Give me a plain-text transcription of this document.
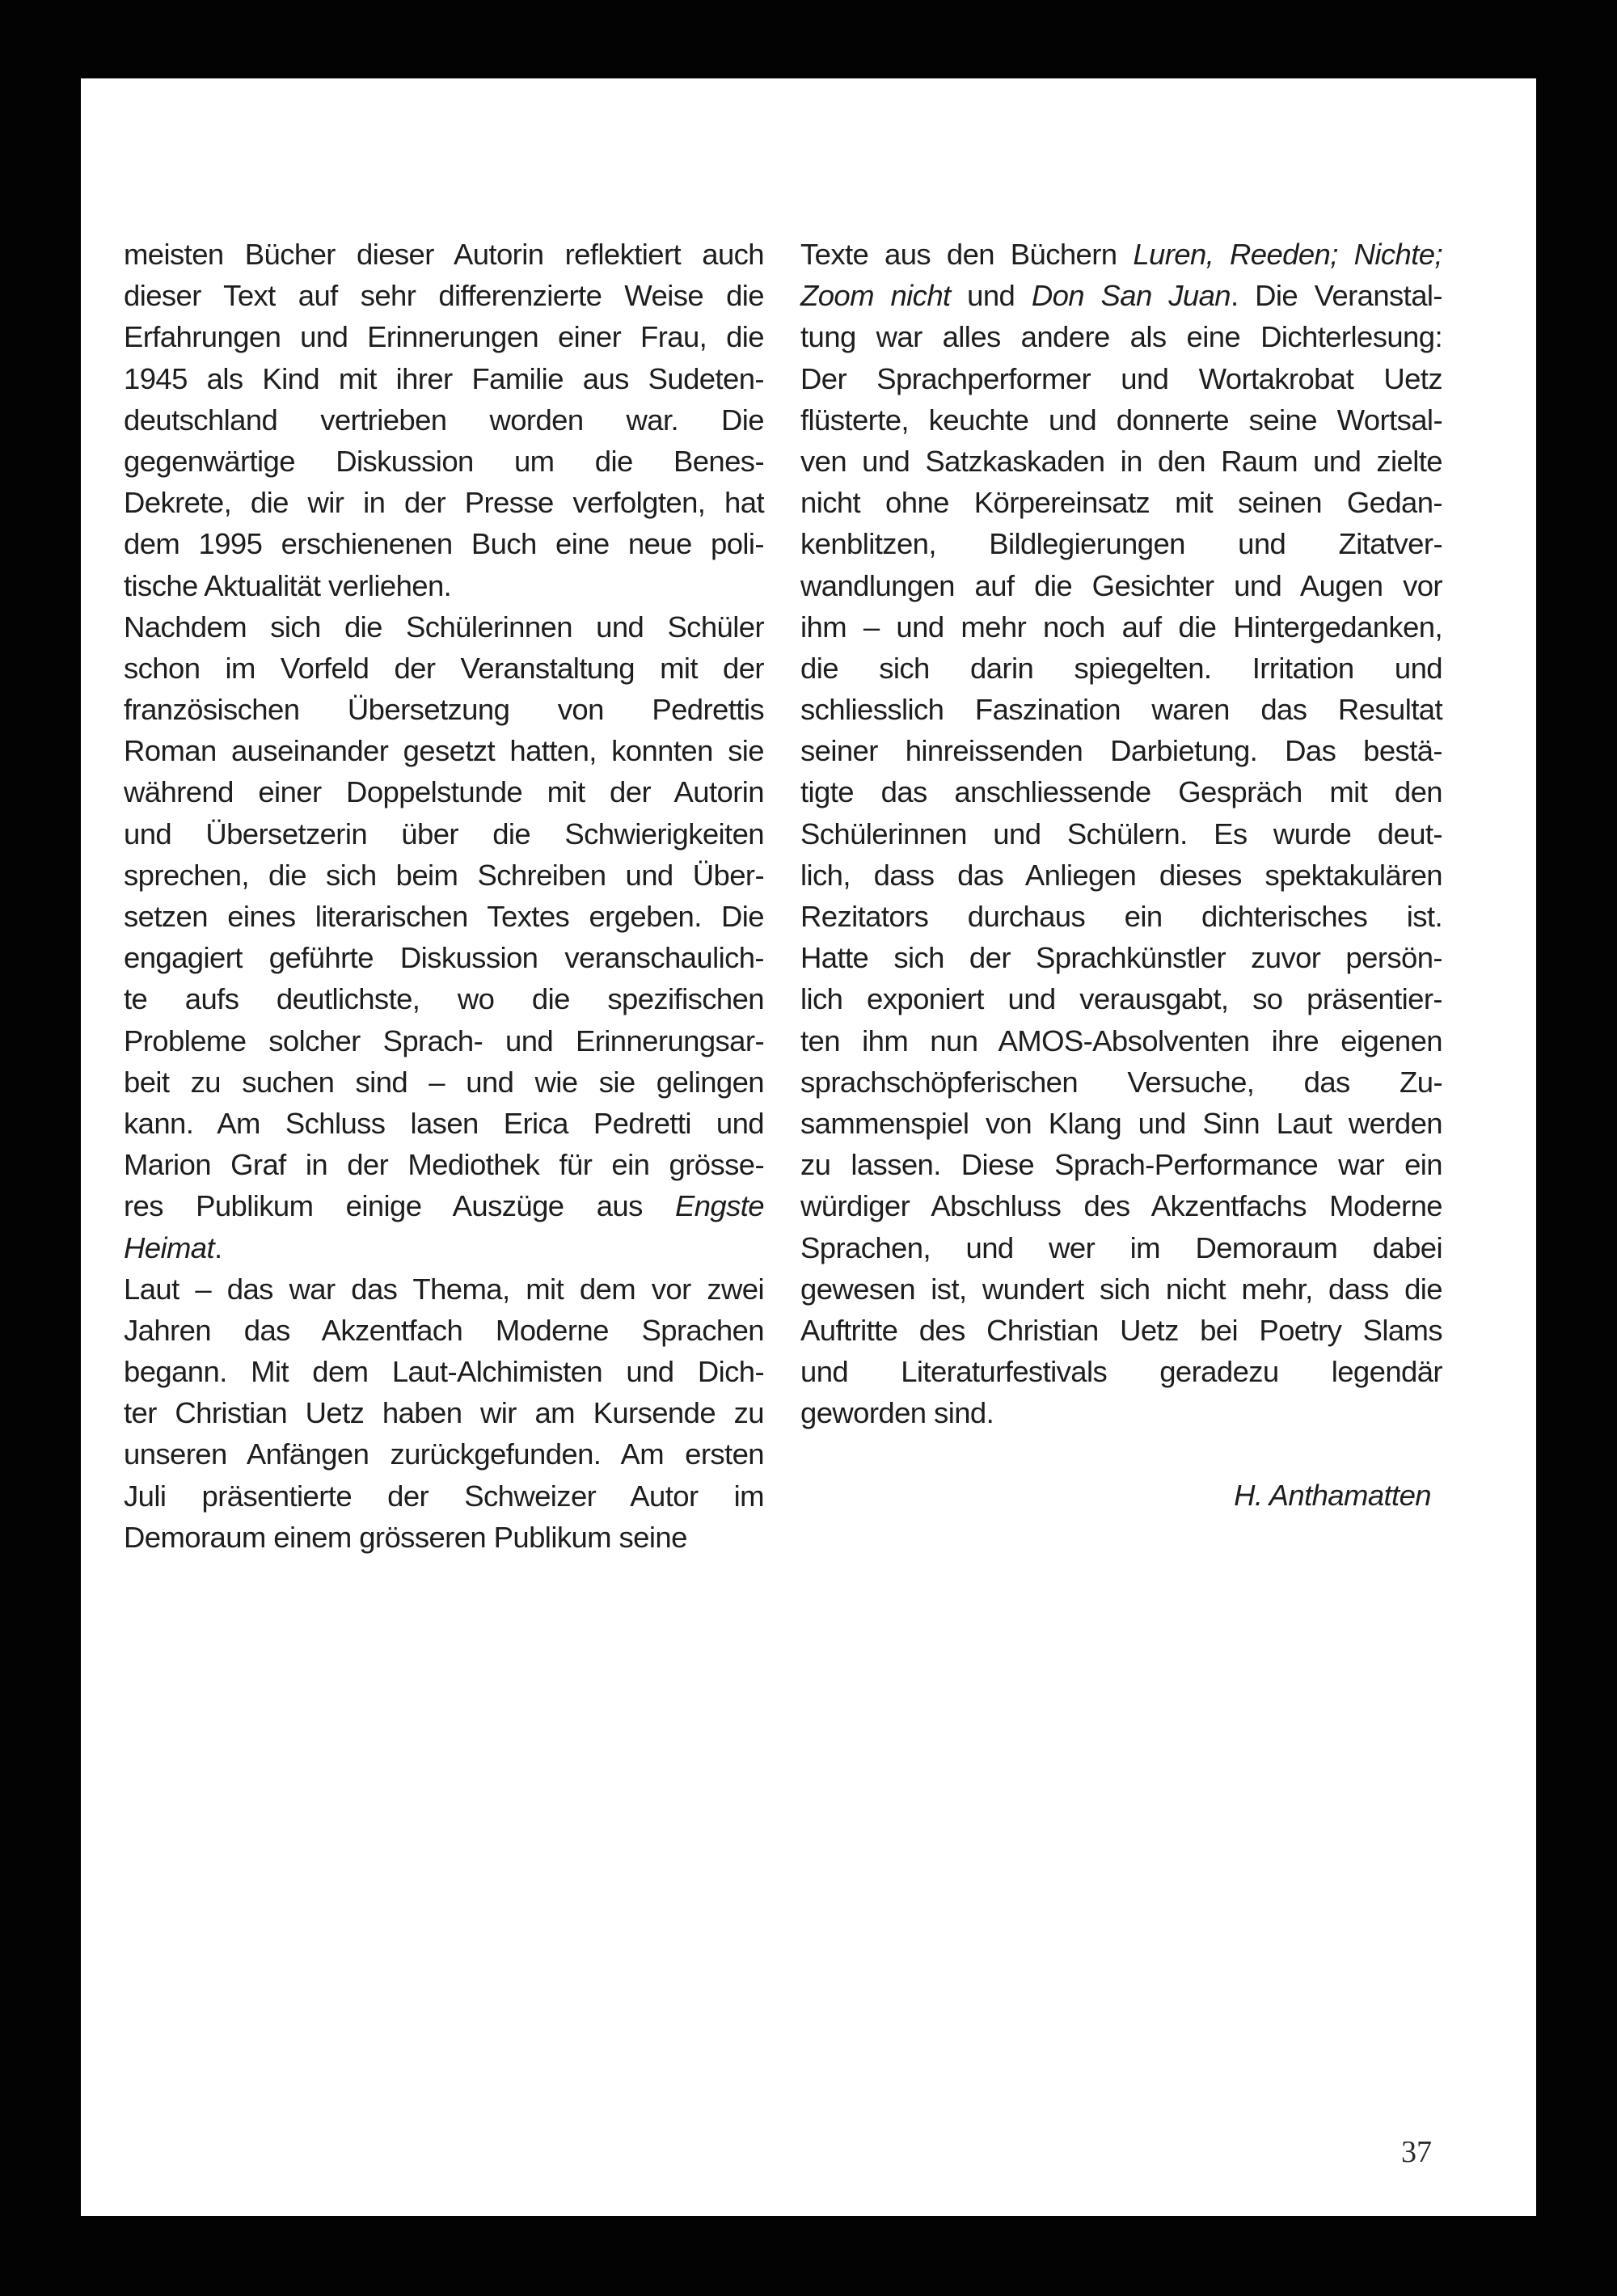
meisten Bücher dieser Autorin reflektiert auch
dieser Text auf sehr differenzierte Weise die
Erfahrungen und Erinnerungen einer Frau, die
1945 als Kind mit ihrer Familie aus Sudeten-
deutschland vertrieben worden war. Die
gegenwärtige Diskussion um die Benes-
Dekrete, die wir in der Presse verfolgten, hat
dem 1995 erschienenen Buch eine neue poli-
tische Aktualität verliehen.
Nachdem sich die Schülerinnen und Schüler
schon im Vorfeld der Veranstaltung mit der
französischen Übersetzung von Pedrettis
Roman auseinander gesetzt hatten, konnten sie
während einer Doppelstunde mit der Autorin
und Übersetzerin über die Schwierigkeiten
sprechen, die sich beim Schreiben und Über-
setzen eines literarischen Textes ergeben. Die
engagiert geführte Diskussion veranschaulich-
te aufs deutlichste, wo die spezifischen
Probleme solcher Sprach- und Erinnerungsar-
beit zu suchen sind – und wie sie gelingen
kann. Am Schluss lasen Erica Pedretti und
Marion Graf in der Mediothek für ein grösse-
res Publikum einige Auszüge aus Engste
Heimat.
Laut – das war das Thema, mit dem vor zwei
Jahren das Akzentfach Moderne Sprachen
begann. Mit dem Laut-Alchimisten und Dich-
ter Christian Uetz haben wir am Kursende zu
unseren Anfängen zurückgefunden. Am ersten
Juli präsentierte der Schweizer Autor im
Demoraum einem grösseren Publikum seine
Texte aus den Büchern Luren, Reeden; Nichte;
Zoom nicht und Don San Juan. Die Veranstal-
tung war alles andere als eine Dichterlesung:
Der Sprachperformer und Wortakrobat Uetz
flüsterte, keuchte und donnerte seine Wortsal-
ven und Satzkaskaden in den Raum und zielte
nicht ohne Körpereinsatz mit seinen Gedan-
kenblitzen, Bildlegierungen und Zitatver-
wandlungen auf die Gesichter und Augen vor
ihm – und mehr noch auf die Hintergedanken,
die sich darin spiegelten. Irritation und
schliesslich Faszination waren das Resultat
seiner hinreissenden Darbietung. Das bestä-
tigte das anschliessende Gespräch mit den
Schülerinnen und Schülern. Es wurde deut-
lich, dass das Anliegen dieses spektakulären
Rezitators durchaus ein dichterisches ist.
Hatte sich der Sprachkünstler zuvor persön-
lich exponiert und verausgabt, so präsentier-
ten ihm nun AMOS-Absolventen ihre eigenen
sprachschöpferischen Versuche, das Zu-
sammenspiel von Klang und Sinn Laut werden
zu lassen. Diese Sprach-Performance war ein
würdiger Abschluss des Akzentfachs Moderne
Sprachen, und wer im Demoraum dabei
gewesen ist, wundert sich nicht mehr, dass die
Auftritte des Christian Uetz bei Poetry Slams
und Literaturfestivals geradezu legendär
geworden sind.
H. Anthamatten
37
